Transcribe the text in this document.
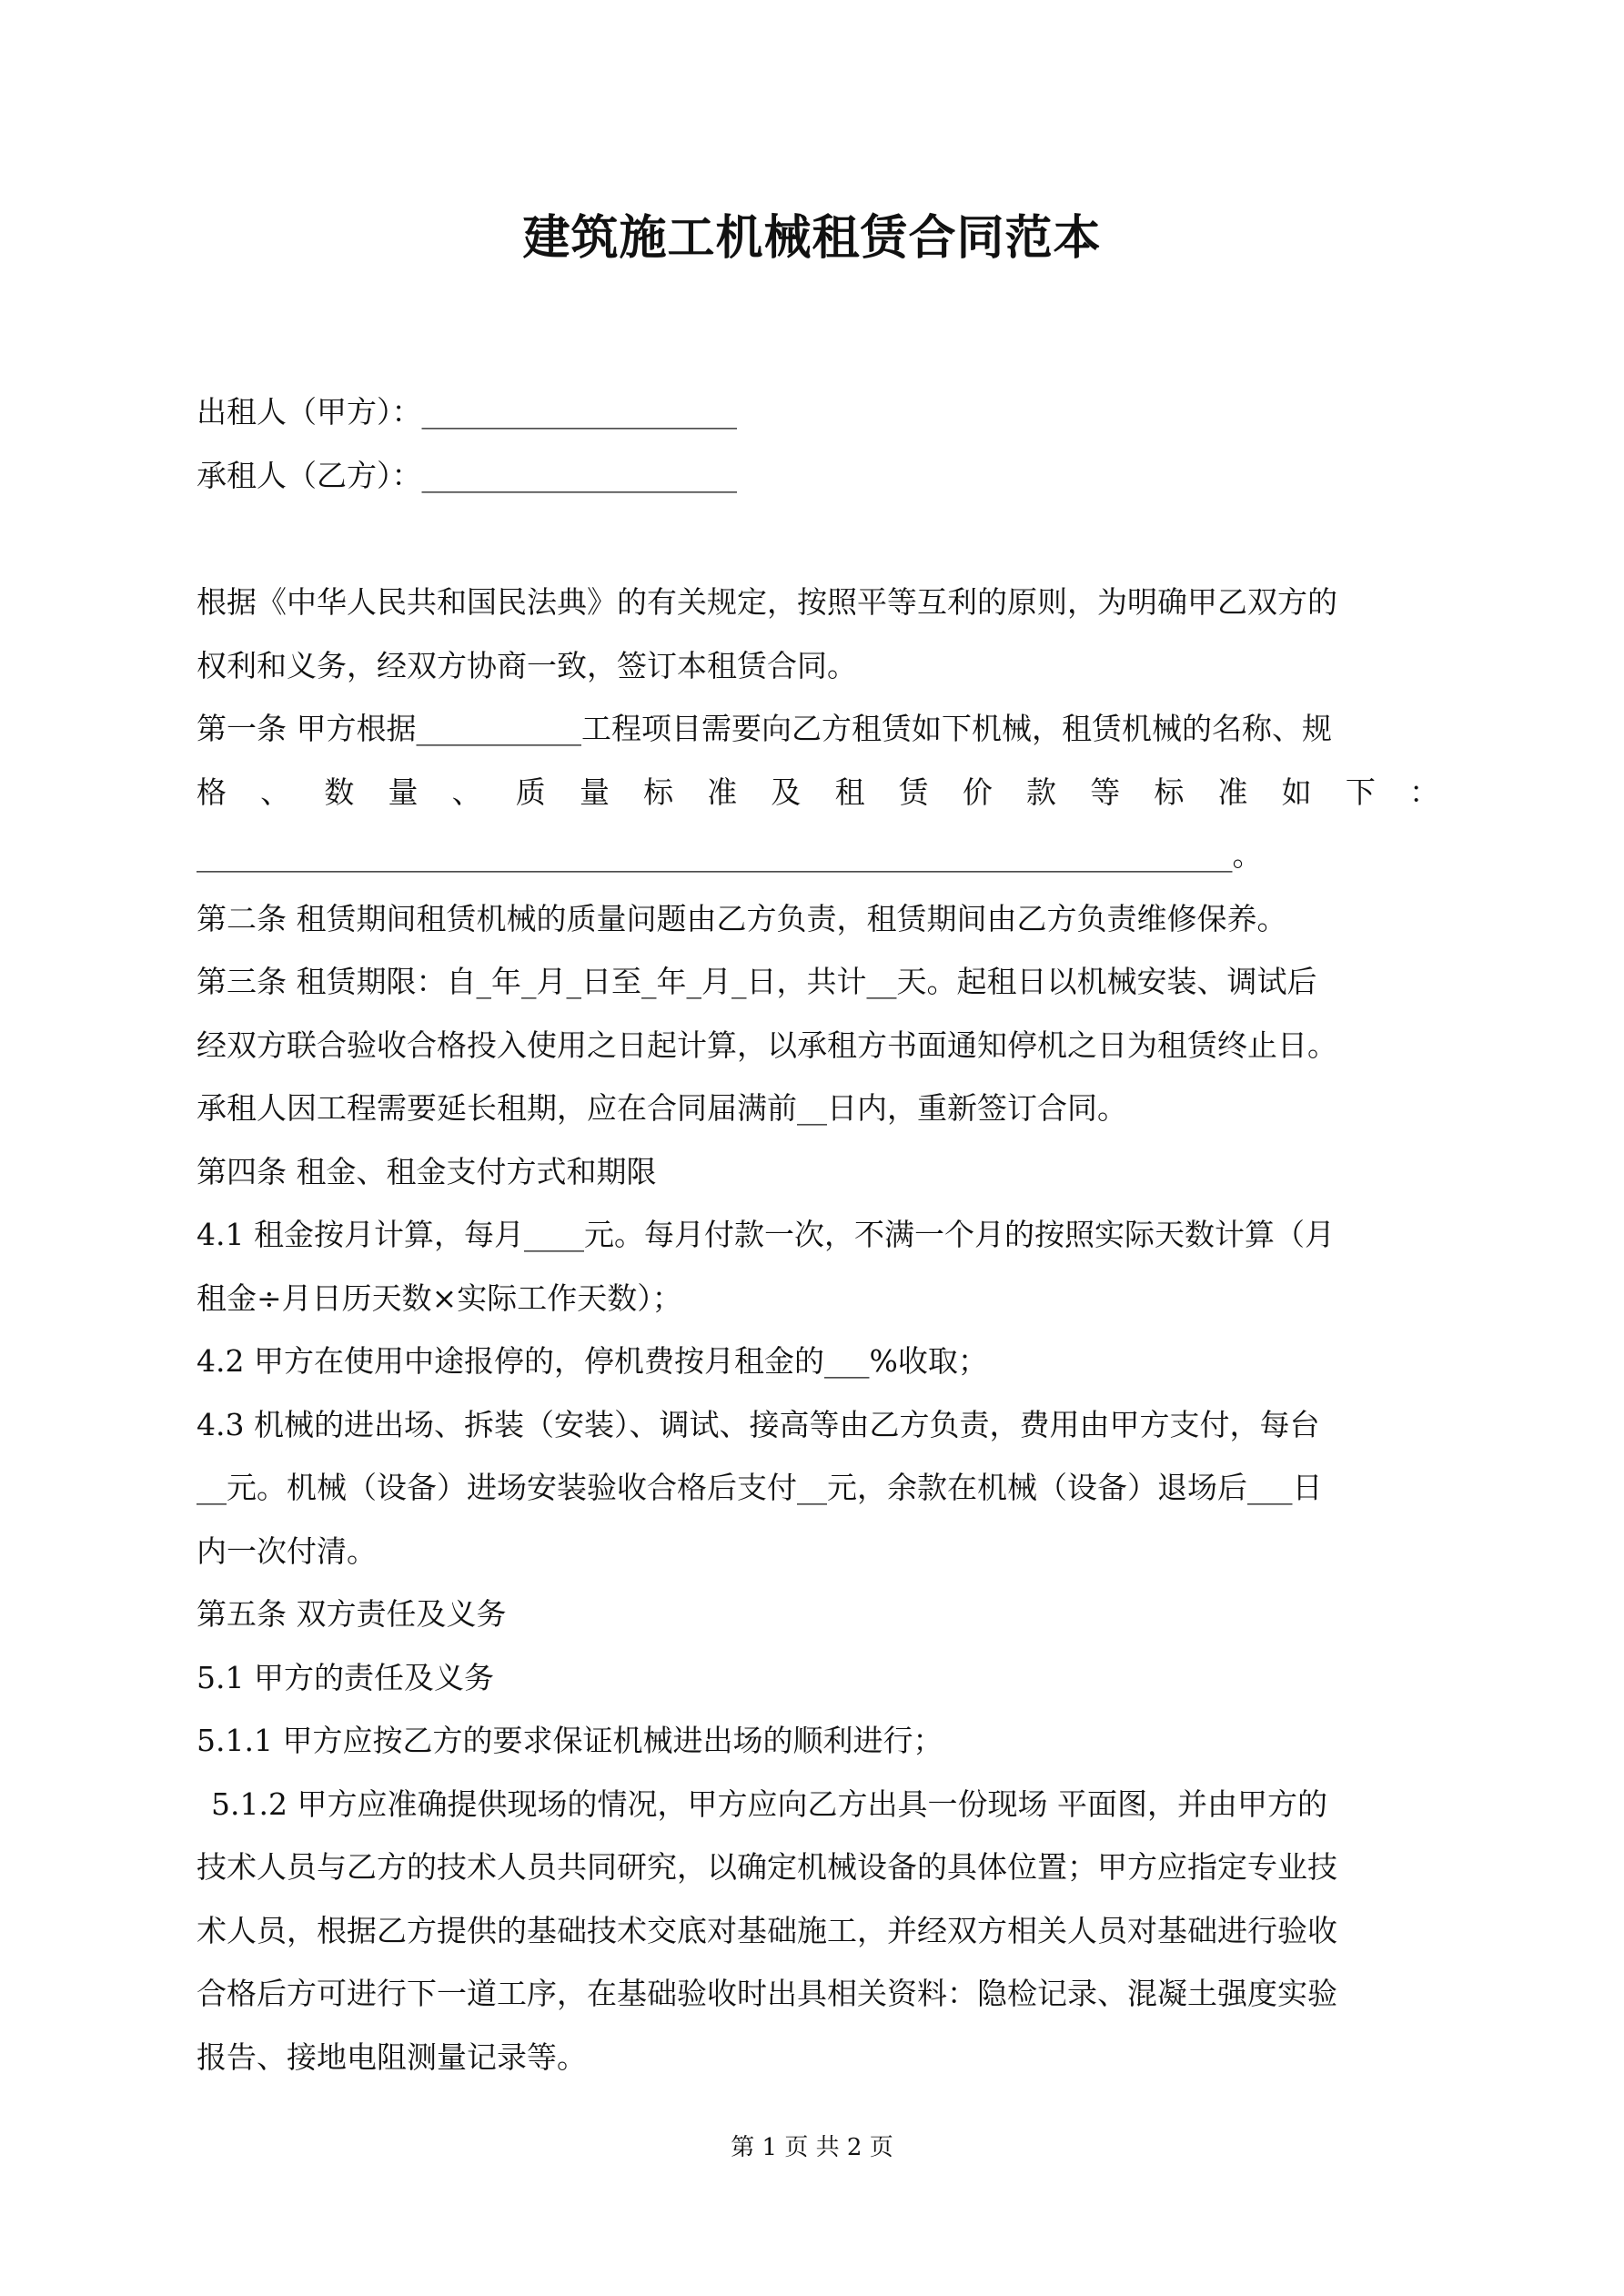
建筑施工机械租赁合同范本
出租人（甲方）：_____________________
承租人（乙方）：_____________________
根据《中华人民共和国民法典》的有关规定，按照平等互利的原则，为明确甲乙双方的
权利和义务，经双方协商一致，签订本租赁合同。
第一条 甲方根据___________工程项目需要向乙方租赁如下机械，租赁机械的名称、规
格、数量、质量标准及租赁价款等标准如下：
_____________________________________________________________________。
第二条 租赁期间租赁机械的质量问题由乙方负责，租赁期间由乙方负责维修保养。
第三条 租赁期限：自_年_月_日至_年_月_日，共计__天。起租日以机械安装、调试后
经双方联合验收合格投入使用之日起计算，以承租方书面通知停机之日为租赁终止日。
承租人因工程需要延长租期，应在合同届满前__日内，重新签订合同。
第四条 租金、租金支付方式和期限
4.1 租金按月计算，每月____元。每月付款一次，不满一个月的按照实际天数计算（月
租金÷月日历天数×实际工作天数）；
4.2 甲方在使用中途报停的，停机费按月租金的___%收取；
4.3 机械的进出场、拆装（安装）、调试、接高等由乙方负责，费用由甲方支付，每台
__元。机械（设备）进场安装验收合格后支付__元，余款在机械（设备）退场后___日
内一次付清。
第五条 双方责任及义务
5.1 甲方的责任及义务
5.1.1 甲方应按乙方的要求保证机械进出场的顺利进行；
5.1.2 甲方应准确提供现场的情况，甲方应向乙方出具一份现场 平面图，并由甲方的
技术人员与乙方的技术人员共同研究，以确定机械设备的具体位置；甲方应指定专业技
术人员，根据乙方提供的基础技术交底对基础施工，并经双方相关人员对基础进行验收
合格后方可进行下一道工序，在基础验收时出具相关资料：隐检记录、混凝土强度实验
报告、接地电阻测量记录等。
第 1 页 共 2 页
